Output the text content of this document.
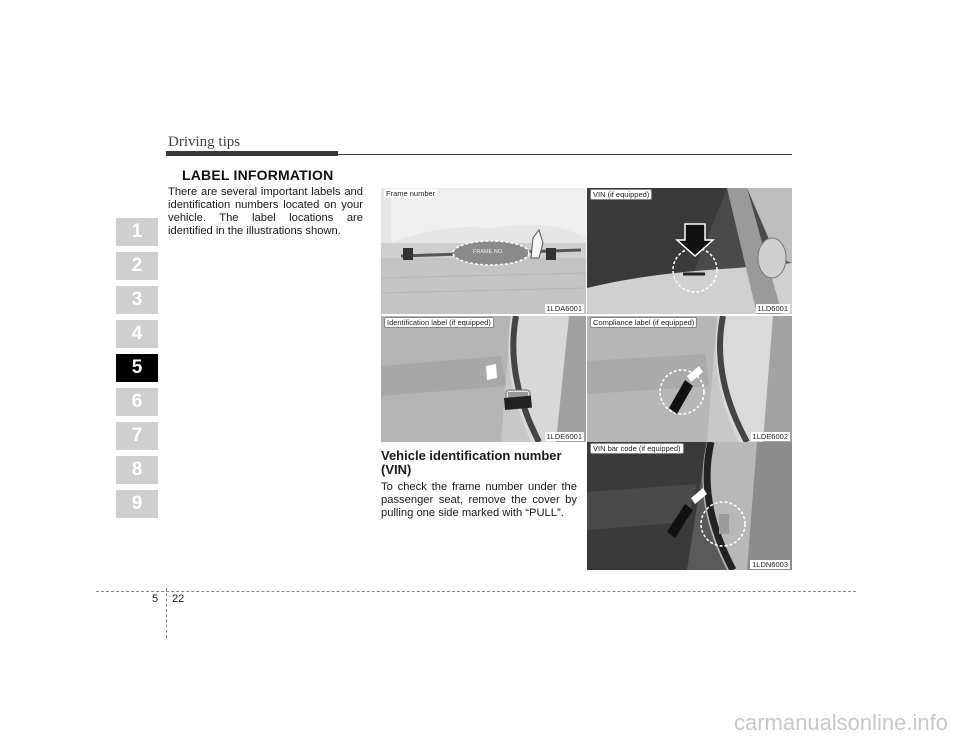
Driving tips
1
2
3
4
5
6
7
8
9
LABEL INFORMATION
There are several important labels and identification numbers located on your vehicle. The label locations are identified in the illustrations shown.
Vehicle identification number (VIN)
To check the frame number under the passenger seat, remove the cover by pulling one side marked with “PULL”.
FRAME NO.
Frame number
1LDA6001
VIN (if equipped)
1LD6001
Identification label (if equipped)
1LDE6001
Compliance label (if equipped)
1LDE6002
VIN bar code (if equipped)
1LDN6003
5 22
carmanualsonline.info
